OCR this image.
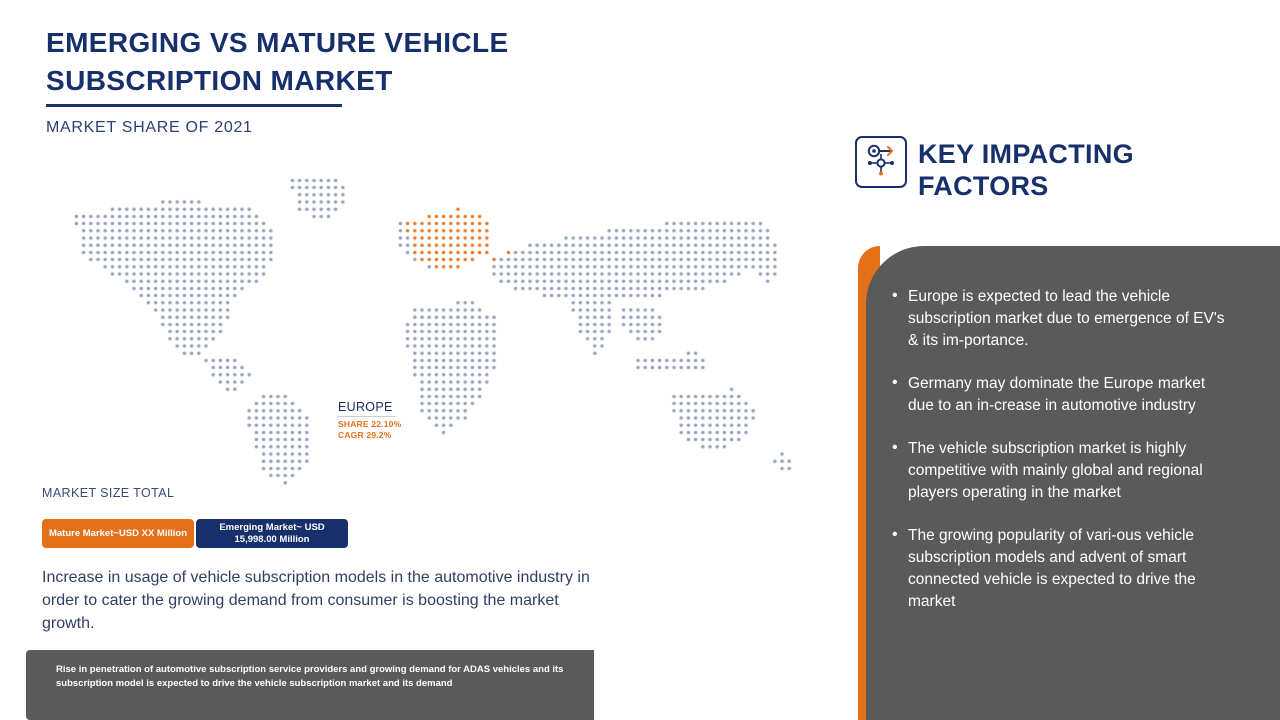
EMERGING VS MATURE VEHICLE SUBSCRIPTION MARKET
MARKET SHARE OF 2021
EUROPE
SHARE 22.10%
CAGR 29.2%
MARKET SIZE TOTAL
Mature Market~USD XX Million
Emerging Market~ USD 15,998.00 Million
Increase in usage of vehicle subscription models in the automotive industry in order to cater the growing demand from consumer is boosting the market growth.
Rise in penetration of automotive subscription service providers and growing demand for ADAS vehicles and its subscription model is expected to drive the vehicle subscription market and its demand
KEY IMPACTING FACTORS
• Europe is expected to lead the vehicle subscription market due to emergence of EV's & its im-portance.
• Germany may dominate the Europe market due to an in-crease in automotive industry
• The vehicle subscription market is highly competitive with mainly global and regional players operating in the market
• The growing popularity of vari-ous vehicle subscription models and advent of smart connected vehicle is expected to drive the market
